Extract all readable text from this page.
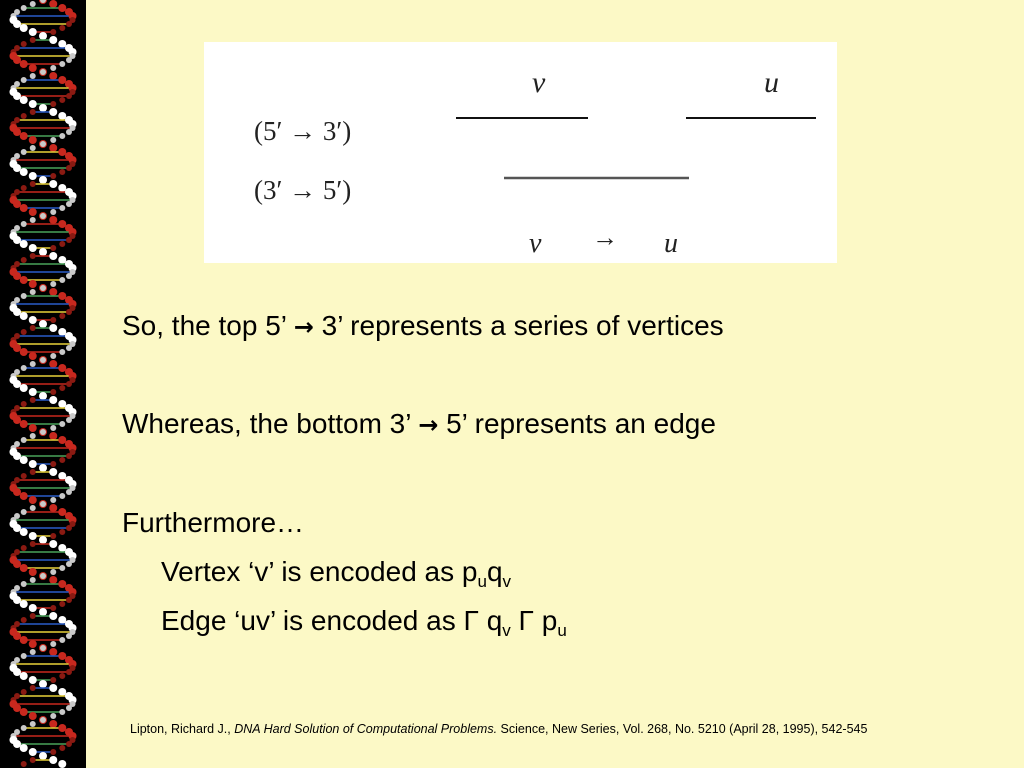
ν	u
(5′ → 3′)
(3′ → 5′)
ν → u
So, the top 5’ → 3’ represents a series of vertices
Whereas, the bottom 3’ → 5’ represents an edge
Furthermore…
Vertex ‘v’ is encoded as $p_uq_v$
Edge ‘uv’ is encoded as Γ $q_v$ Γ $p_u$
Lipton, Richard J., DNA Hard Solution of Computational Problems. Science, New Series, Vol. 268, No. 5210 (April 28, 1995), 542-545
